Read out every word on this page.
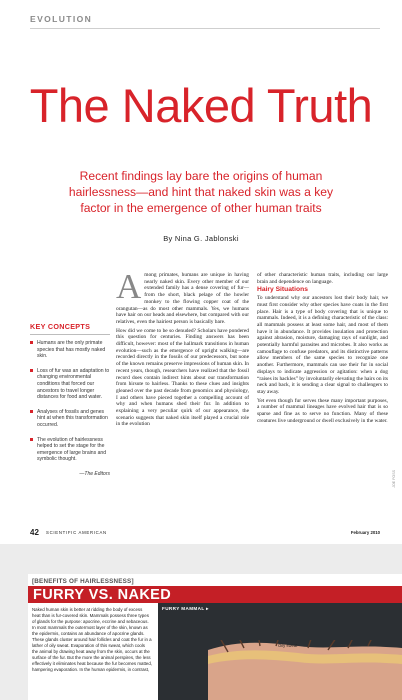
EVOLUTION
The Naked Truth
Recent findings lay bare the origins of human hairlessness—and hint that naked skin was a key factor in the emergence of other human traits
By Nina G. Jablonski
KEY CONCEPTS
Humans are the only primate species that has mostly naked skin.
Loss of fur was an adaptation to changing environmental conditions that forced our ancestors to travel longer distances for food and water.
Analyses of fossils and genes hint at when this transformation occurred.
The evolution of hairlessness helped to set the stage for the emergence of large brains and symbolic thought.
—The Editors

Among primates, humans are unique in having nearly naked skin. Every other member of our extended family has a dense covering of fur—from the short, black pelage of the howler monkey to the flowing copper coat of the orangutan—as do most other mammals. Yes, we humans have hair on our heads and elsewhere, but compared with our relatives, even the hairiest person is basically bare.

How did we come to be so denuded? Scholars have pondered this question for centuries. Finding answers has been difficult, however: most of the hallmark transitions in human evolution—such as the emergence of upright walking—are recorded directly in the fossils of our predecessors, but none of the known remains preserve impressions of human skin. In recent years, though, researchers have realized that the fossil record does contain indirect hints about our transformation from hirsute to hairless. Thanks to these clues and insights gleaned over the past decade from genomics and physiology, I and others have pieced together a compelling account of why and when humans shed their fur. In addition to explaining a very peculiar quirk of our appearance, the scenario suggests that naked skin itself played a crucial role in the evolution

of other characteristic human traits, including our large brain and dependence on language.

Hairy Situations

To understand why our ancestors lost their body hair, we must first consider why other species have coats in the first place. Hair is a type of body covering that is unique to mammals. Indeed, it is a defining characteristic of the class: all mammals possess at least some hair, and most of them have it in abundance. It provides insulation and protection against abrasion, moisture, damaging rays of sunlight, and potentially harmful parasites and microbes. It also works as camouflage to confuse predators, and its distinctive patterns allow members of the same species to recognize one another. Furthermore, mammals can use their fur in social displays to indicate aggression or agitation: when a dog “raises its hackles” by involuntarily elevating the hairs on its neck and back, it is sending a clear signal to challengers to stay away.

Yet even though fur serves these many important purposes, a number of mammal lineages have evolved hair that is so sparse and fine as to serve no function. Many of these creatures live underground or dwell exclusively in the water.

JOE FOSS
42 SCIENTIFIC AMERICAN	February 2010
[BENEFITS OF HAIRLESSNESS]
FURRY VS. NAKED
Naked human skin is better at ridding the body of excess heat than is fur-covered skin. Mammals possess three types of glands for the purpose: apocrine, eccrine and sebaceous. In most mammals the outermost layer of the skin, known as the epidermis, contains an abundance of apocrine glands. These glands cluster around hair follicles and coat the fur in a lather of oily sweat. Evaporation of this sweat, which cools the animal by drawing heat away from the skin, occurs at the surface of the fur. But the more the animal perspires, the less effectively it eliminates heat because the fur becomes matted, hampering evaporation. In the human epidermis, in contrast,
FURRY MAMMAL ▸
Oily sweat
